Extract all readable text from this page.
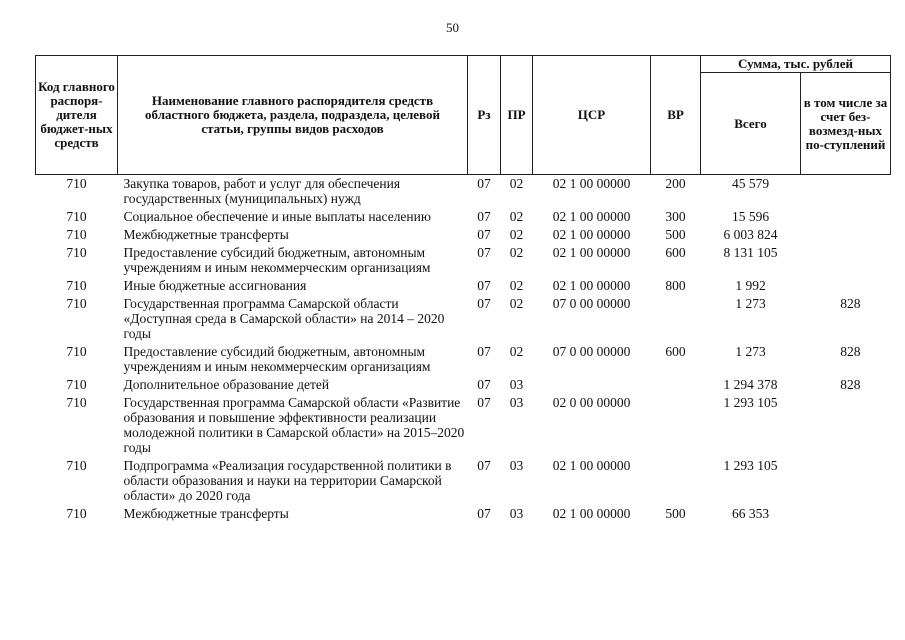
50
Код главного распоря-дителя бюджет-ных средств	Наименование главного распорядителя средств областного бюджета, раздела, подраздела, целевой статьи, группы видов расходов	Рз	ПР	ЦСР	ВР	Сумма, тыс. рублей	
						Всего	в том числе за счет без-возмезд-ных по-ступлений
710	Закупка товаров, работ и услуг для обеспечения государственных (муниципальных) нужд	07	02	02 1 00 00000	200	45 579	
710	Социальное обеспечение и иные выплаты населению	07	02	02 1 00 00000	300	15 596	
710	Межбюджетные трансферты	07	02	02 1 00 00000	500	6 003 824	
710	Предоставление субсидий бюджетным, автономным учреждениям и иным некоммерческим организациям	07	02	02 1 00 00000	600	8 131 105	
710	Иные бюджетные ассигнования	07	02	02 1 00 00000	800	1 992	
710	Государственная программа Самарской области «Доступная среда в Самарской области» на 2014 – 2020 годы	07	02	07 0 00 00000		1 273	828
710	Предоставление субсидий бюджетным, автономным учреждениям и иным некоммерческим организациям	07	02	07 0 00 00000	600	1 273	828
710	Дополнительное образование детей	07	03			1 294 378	828
710	Государственная программа Самарской области «Развитие образования и повышение эффективности реализации молодежной политики в Самарской области» на 2015–2020 годы	07	03	02 0 00 00000		1 293 105	
710	Подпрограмма «Реализация государственной политики в области образования и науки на территории Самарской области» до 2020 года	07	03	02 1 00 00000		1 293 105	
710	Межбюджетные трансферты	07	03	02 1 00 00000	500	66 353	
